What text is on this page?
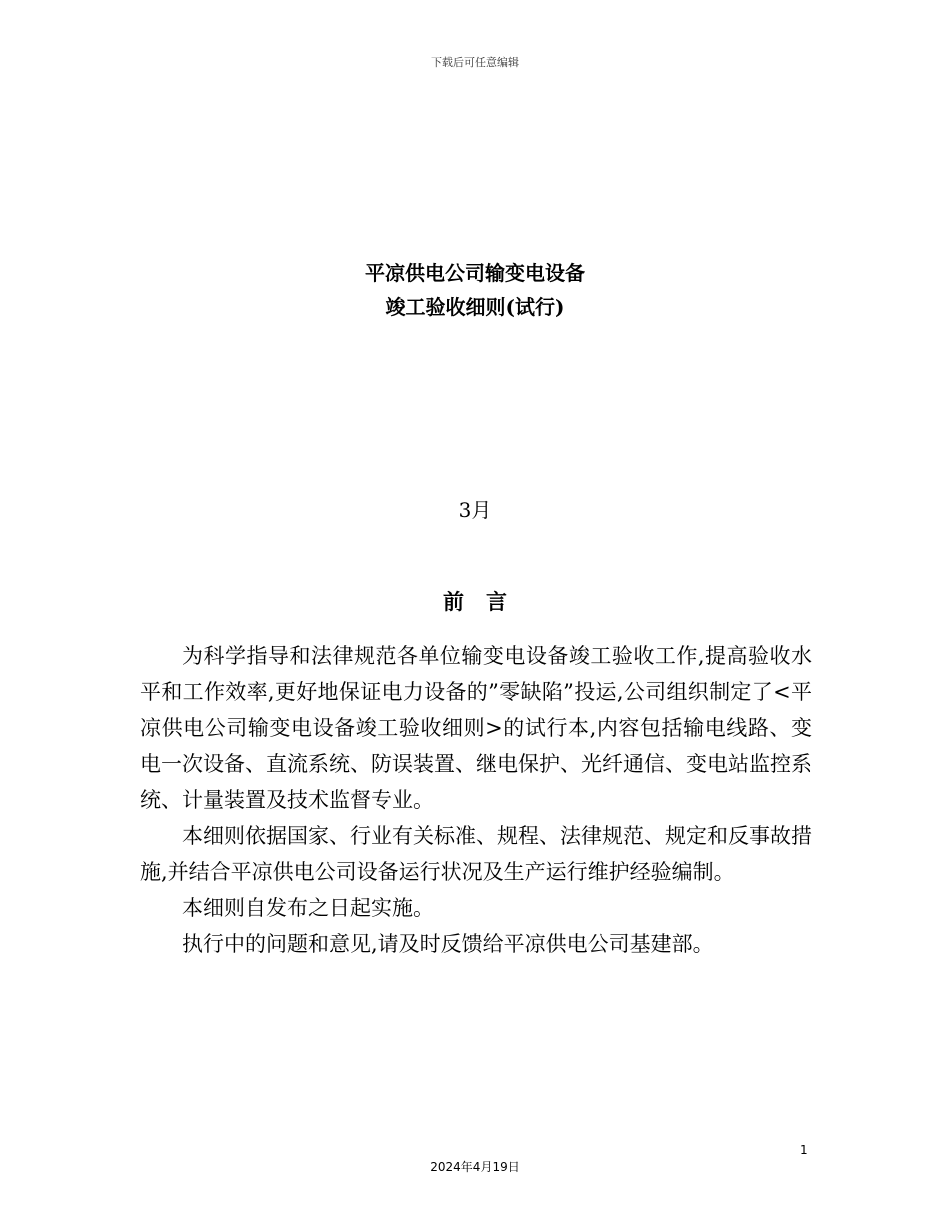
下载后可任意编辑
平凉供电公司输变电设备
竣工验收细则(试行)
3月
前言

为科学指导和法律规范各单位输变电设备竣工验收工作,提高验收水平和工作效率,更好地保证电力设备的”零缺陷”投运,公司组织制定了<平凉供电公司输变电设备竣工验收细则>的试行本,内容包括输电线路、变电一次设备、直流系统、防误装置、继电保护、光纤通信、变电站监控系统、计量装置及技术监督专业。

本细则依据国家、行业有关标准、规程、法律规范、规定和反事故措施,并结合平凉供电公司设备运行状况及生产运行维护经验编制。

本细则自发布之日起实施。

执行中的问题和意见,请及时反馈给平凉供电公司基建部。

1
2024年4月19日
